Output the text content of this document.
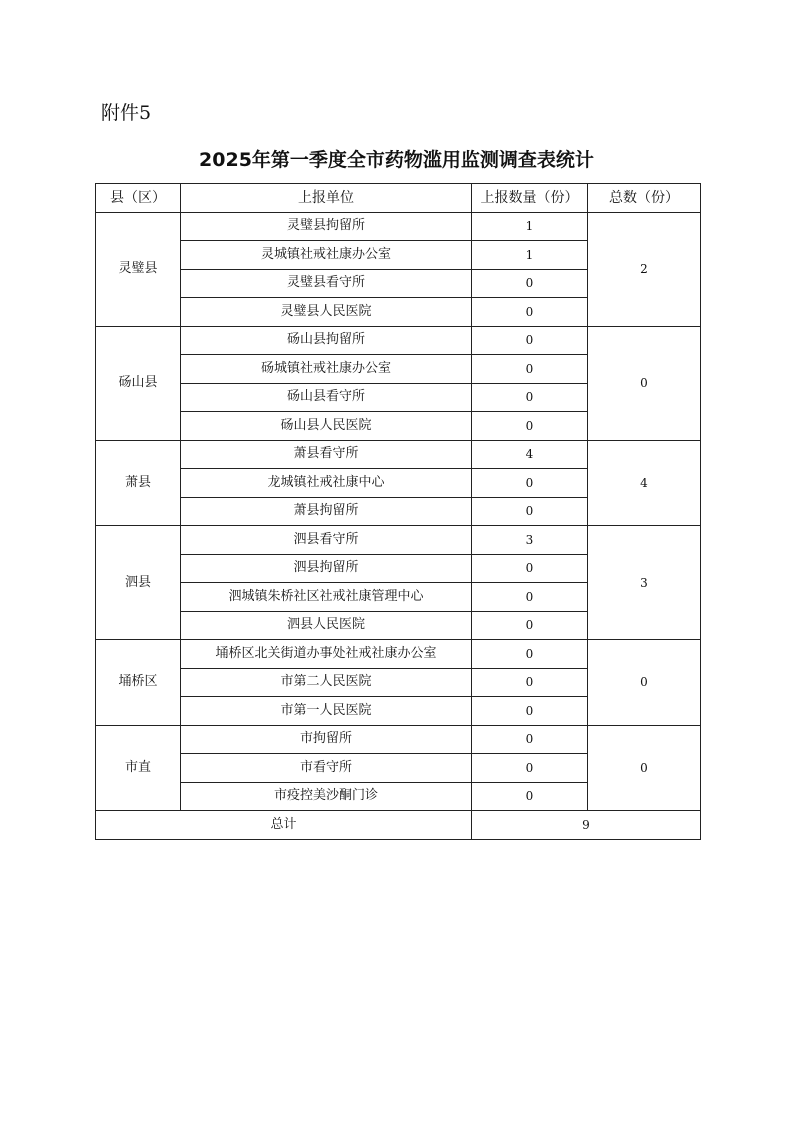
附件5
2025年第一季度全市药物滥用监测调查表统计
县（区）	上报单位	上报数量（份）	总数（份）
灵璧县	灵璧县拘留所	1	2
	灵城镇社戒社康办公室	1	
	灵璧县看守所	0	
	灵璧县人民医院	0	
砀山县	砀山县拘留所	0	0
	砀城镇社戒社康办公室	0	
	砀山县看守所	0	
	砀山县人民医院	0	
萧县	萧县看守所	4	4
	龙城镇社戒社康中心	0	
	萧县拘留所	0	
泗县	泗县看守所	3	3
	泗县拘留所	0	
	泗城镇朱桥社区社戒社康管理中心	0	
	泗县人民医院	0	
埇桥区	埇桥区北关街道办事处社戒社康办公室	0	0
	市第二人民医院	0	
	市第一人民医院	0	
市直	市拘留所	0	0
	市看守所	0	
	市疫控美沙酮门诊	0	
总计		9	
